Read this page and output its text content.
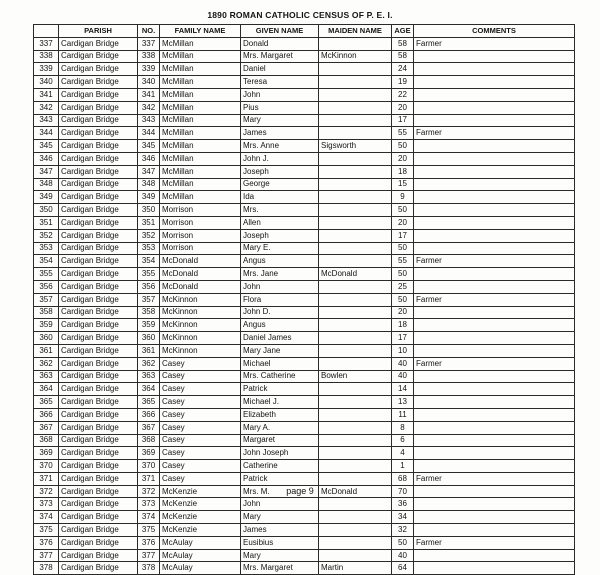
1890 ROMAN CATHOLIC CENSUS OF P. E. I.
	PARISH	NO.	FAMILY NAME	GIVEN NAME	MAIDEN NAME	AGE	COMMENTS
337	Cardigan Bridge	337	McMillan	Donald		58	Farmer
338	Cardigan Bridge	338	McMillan	Mrs. Margaret	McKinnon	58	
339	Cardigan Bridge	339	McMillan	Daniel		24	
340	Cardigan Bridge	340	McMillan	Teresa		19	
341	Cardigan Bridge	341	McMillan	John		22	
342	Cardigan Bridge	342	McMillan	Pius		20	
343	Cardigan Bridge	343	McMillan	Mary		17	
344	Cardigan Bridge	344	McMillan	James		55	Farmer
345	Cardigan Bridge	345	McMillan	Mrs. Anne	Sigsworth	50	
346	Cardigan Bridge	346	McMillan	John J.		20	
347	Cardigan Bridge	347	McMillan	Joseph		18	
348	Cardigan Bridge	348	McMillan	George		15	
349	Cardigan Bridge	349	McMillan	Ida		9	
350	Cardigan Bridge	350	Morrison	Mrs.		50	
351	Cardigan Bridge	351	Morrison	Allen		20	
352	Cardigan Bridge	352	Morrison	Joseph		17	
353	Cardigan Bridge	353	Morrison	Mary E.		50	
354	Cardigan Bridge	354	McDonald	Angus		55	Farmer
355	Cardigan Bridge	355	McDonald	Mrs. Jane	McDonald	50	
356	Cardigan Bridge	356	McDonald	John		25	
357	Cardigan Bridge	357	McKinnon	Flora		50	Farmer
358	Cardigan Bridge	358	McKinnon	John D.		20	
359	Cardigan Bridge	359	McKinnon	Angus		18	
360	Cardigan Bridge	360	McKinnon	Daniel James		17	
361	Cardigan Bridge	361	McKinnon	Mary Jane		10	
362	Cardigan Bridge	362	Casey	Michael		40	Farmer
363	Cardigan Bridge	363	Casey	Mrs. Catherine	Bowlen	40	
364	Cardigan Bridge	364	Casey	Patrick		14	
365	Cardigan Bridge	365	Casey	Michael J.		13	
366	Cardigan Bridge	366	Casey	Elizabeth		11	
367	Cardigan Bridge	367	Casey	Mary A.		8	
368	Cardigan Bridge	368	Casey	Margaret		6	
369	Cardigan Bridge	369	Casey	John Joseph		4	
370	Cardigan Bridge	370	Casey	Catherine		1	
371	Cardigan Bridge	371	Casey	Patrick		68	Farmer
372	Cardigan Bridge	372	McKenzie	Mrs. M.	McDonald	70	
373	Cardigan Bridge	373	McKenzie	John		36	
374	Cardigan Bridge	374	McKenzie	Mary		34	
375	Cardigan Bridge	375	McKenzie	James		32	
376	Cardigan Bridge	376	McAulay	Eusibius		50	Farmer
377	Cardigan Bridge	377	McAulay	Mary		40	
378	Cardigan Bridge	378	McAulay	Mrs. Margaret	Martin	64	
page 9
